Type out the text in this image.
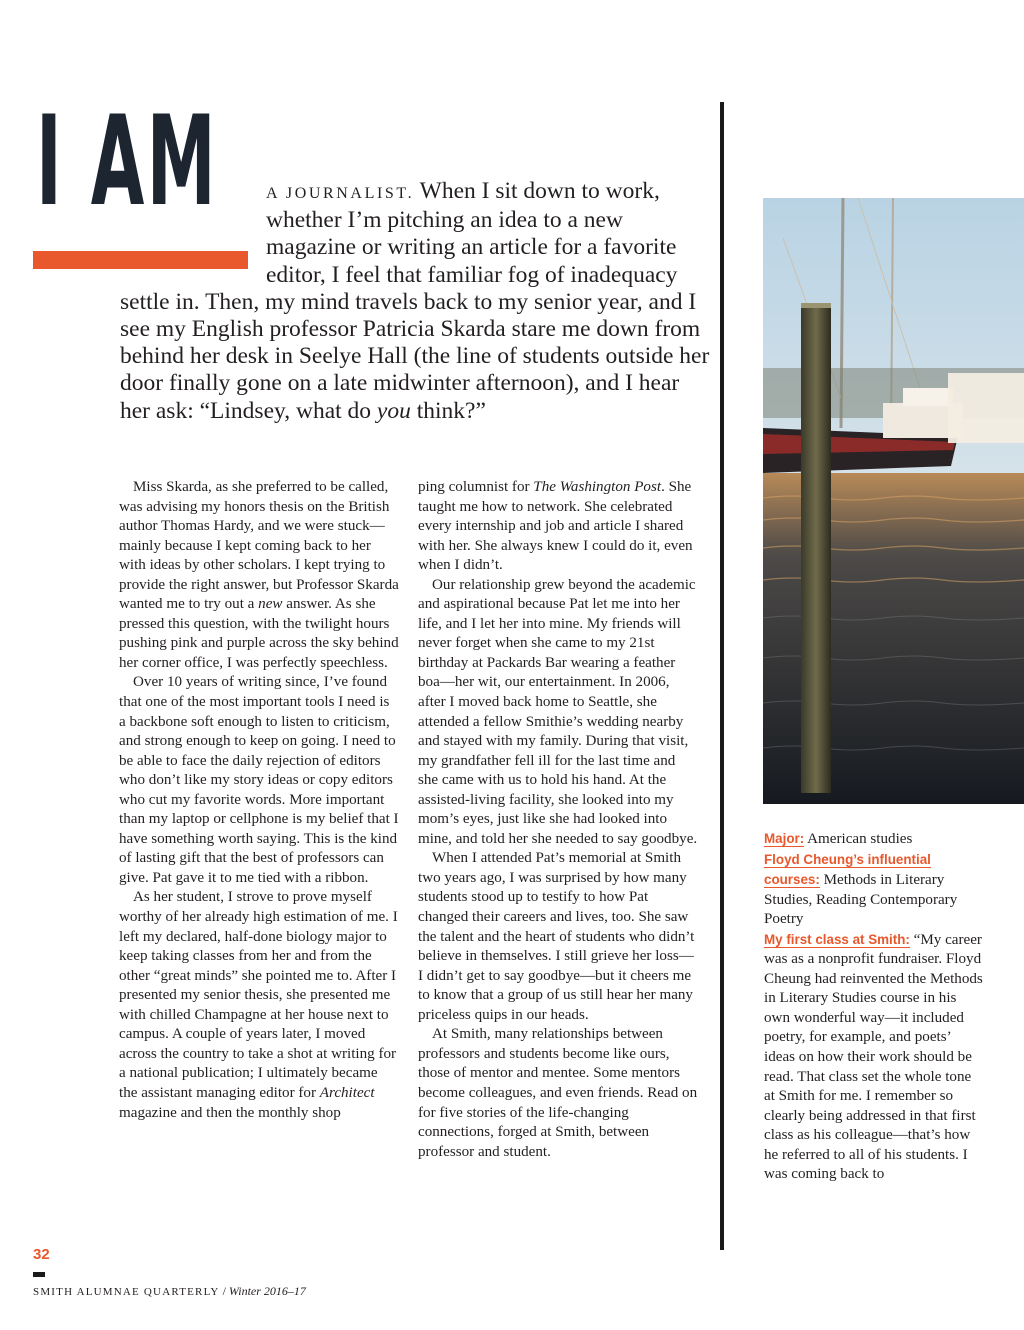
I AM	A JOURNALIST. When I sit down to work, whether I’m pitching an idea to a new magazine or writing an article for a favorite editor, I feel that familiar fog of inadequacy settle in. Then, my mind travels back to my senior year, and I see my English professor Patricia Skarda stare me down from behind her desk in Seelye Hall (the line of students outside her door finally gone on a late midwinter afternoon), and I hear her ask: “Lindsey, what do you think?”

Miss Skarda, as she preferred to be called, was advising my honors thesis on the British author Thomas Hardy, and we were stuck—mainly because I kept coming back to her with ideas by other scholars. I kept trying to provide the right answer, but Professor Skarda wanted me to try out a new answer. As she pressed this question, with the twilight hours pushing pink and purple across the sky behind her corner office, I was perfectly speechless.

Over 10 years of writing since, I’ve found that one of the most important tools I need is a backbone soft enough to listen to criticism, and strong enough to keep on going. I need to be able to face the daily rejection of editors who don’t like my story ideas or copy editors who cut my favorite words. More important than my laptop or cellphone is my belief that I have something worth saying. This is the kind of lasting gift that the best of professors can give. Pat gave it to me tied with a ribbon.

As her student, I strove to prove myself worthy of her already high estimation of me. I left my declared, half-done biology major to keep taking classes from her and from the other “great minds” she pointed me to. After I presented my senior thesis, she presented me with chilled Champagne at her house next to campus. A couple of years later, I moved across the country to take a shot at writing for a national publication; I ultimately became the assistant managing editor for Architect magazine and then the monthly shop

ping columnist for The Washington Post. She taught me how to network. She celebrated every internship and job and article I shared with her. She always knew I could do it, even when I didn’t.

Our relationship grew beyond the academic and aspirational because Pat let me into her life, and I let her into mine. My friends will never forget when she came to my 21st birthday at Packards Bar wearing a feather boa—her wit, our entertainment. In 2006, after I moved back home to Seattle, she attended a fellow Smithie’s wedding nearby and stayed with my family. During that visit, my grandfather fell ill for the last time and she came with us to hold his hand. At the assisted-living facility, she looked into my mom’s eyes, just like she had looked into mine, and told her she needed to say goodbye.

When I attended Pat’s memorial at Smith two years ago, I was surprised by how many students stood up to testify to how Pat changed their careers and lives, too. She saw the talent and the heart of students who didn’t believe in themselves. I still grieve her loss—I didn’t get to say goodbye—but it cheers me to know that a group of us still hear her many priceless quips in our heads.

At Smith, many relationships between professors and students become like ours, those of mentor and mentee. Some mentors become colleagues, and even friends. Read on for five stories of the life-changing connections, forged at Smith, between professor and student.

Major: American studies

Floyd Cheung’s influential courses: Methods in Literary Studies, Reading Contemporary Poetry

My first class at Smith: “My career was as a nonprofit fundraiser. Floyd Cheung had reinvented the Methods in Literary Studies course in his own wonderful way—it included poetry, for example, and poets’ ideas on how their work should be read. That class set the whole tone at Smith for me. I remember so clearly being addressed in that first class as his colleague—that’s how he referred to all of his students. I was coming back to

32
SMITH ALUMNAE QUARTERLY / Winter 2016–17
